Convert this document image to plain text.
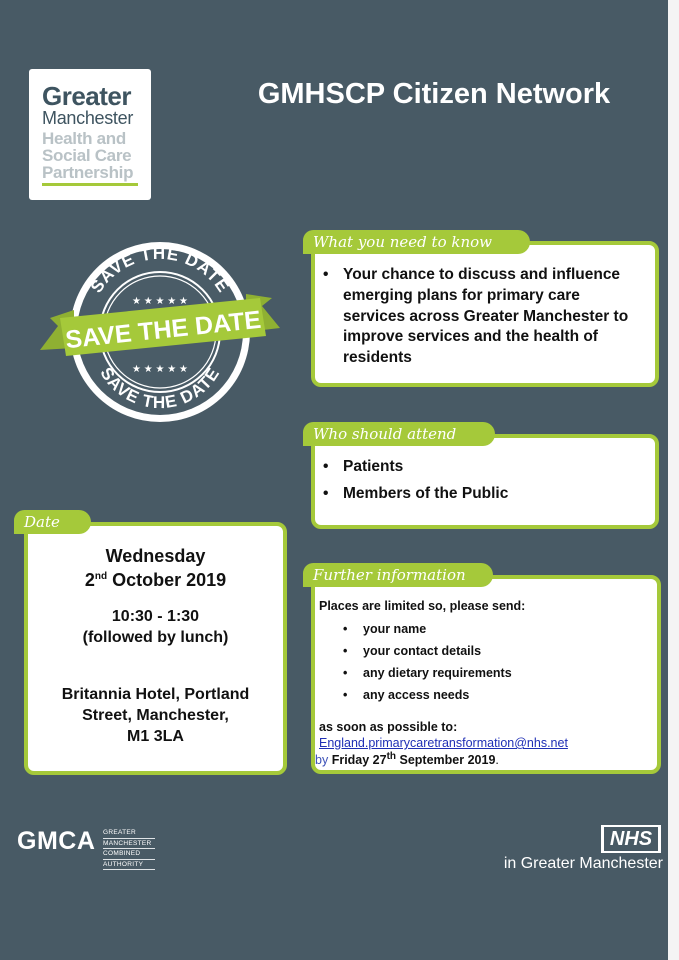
Greater
Manchester
Health and
Social Care
Partnership
GMHSCP Citizen Network
SAVE THE DATE
SAVE THE DATE
★ ★ ★ ★ ★
★ ★ ★ ★ ★
SAVE THE DATE
• Your chance to discuss and influence emerging plans for primary care services across Greater Manchester to improve services and the health of residents
What you need to know
• Patients
• Members of the Public
Who should attend
Wednesday
2nd October 2019
10:30 - 1:30
(followed by lunch)
Britannia Hotel, Portland
Street, Manchester,
M1 3LA
Date
Places are limited so, please send:
• your name
• your contact details
• any dietary requirements
• any access needs
as soon as possible to:
England.primarycaretransformation@nhs.net
by Friday 27th September 2019.
Further information
GMCA GREATER
MANCHESTER
COMBINED
AUTHORITY
NHS
in Greater Manchester
